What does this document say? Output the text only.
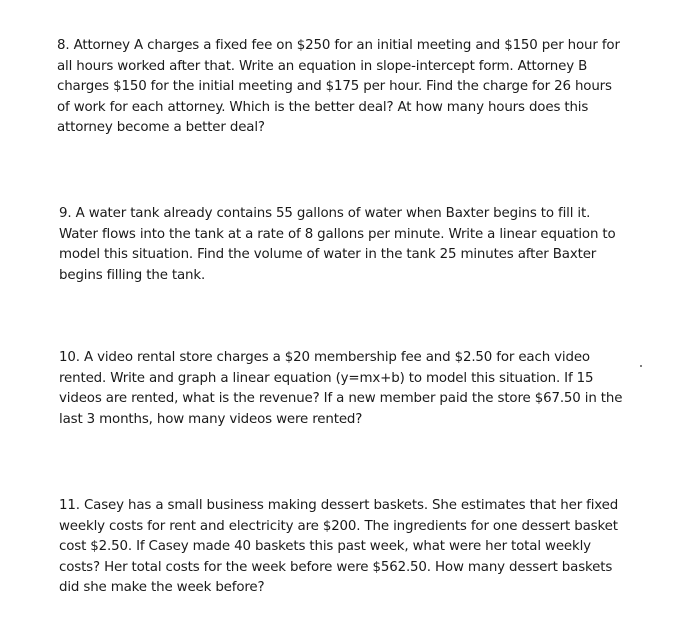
8. Attorney A charges a fixed fee on $250 for an initial meeting and $150 per hour for
all hours worked after that. Write an equation in slope-intercept form. Attorney B
charges $150 for the initial meeting and $175 per hour. Find the charge for 26 hours
of work for each attorney. Which is the better deal? At how many hours does this
attorney become a better deal?
9. A water tank already contains 55 gallons of water when Baxter begins to fill it.
Water flows into the tank at a rate of 8 gallons per minute. Write a linear equation to
model this situation. Find the volume of water in the tank 25 minutes after Baxter
begins filling the tank.
10. A video rental store charges a $20 membership fee and $2.50 for each video
rented. Write and graph a linear equation (y=mx+b) to model this situation. If 15
videos are rented, what is the revenue? If a new member paid the store $67.50 in the
last 3 months, how many videos were rented?
11. Casey has a small business making dessert baskets. She estimates that her fixed
weekly costs for rent and electricity are $200. The ingredients for one dessert basket
cost $2.50. If Casey made 40 baskets this past week, what were her total weekly
costs? Her total costs for the week before were $562.50. How many dessert baskets
did she make the week before?
